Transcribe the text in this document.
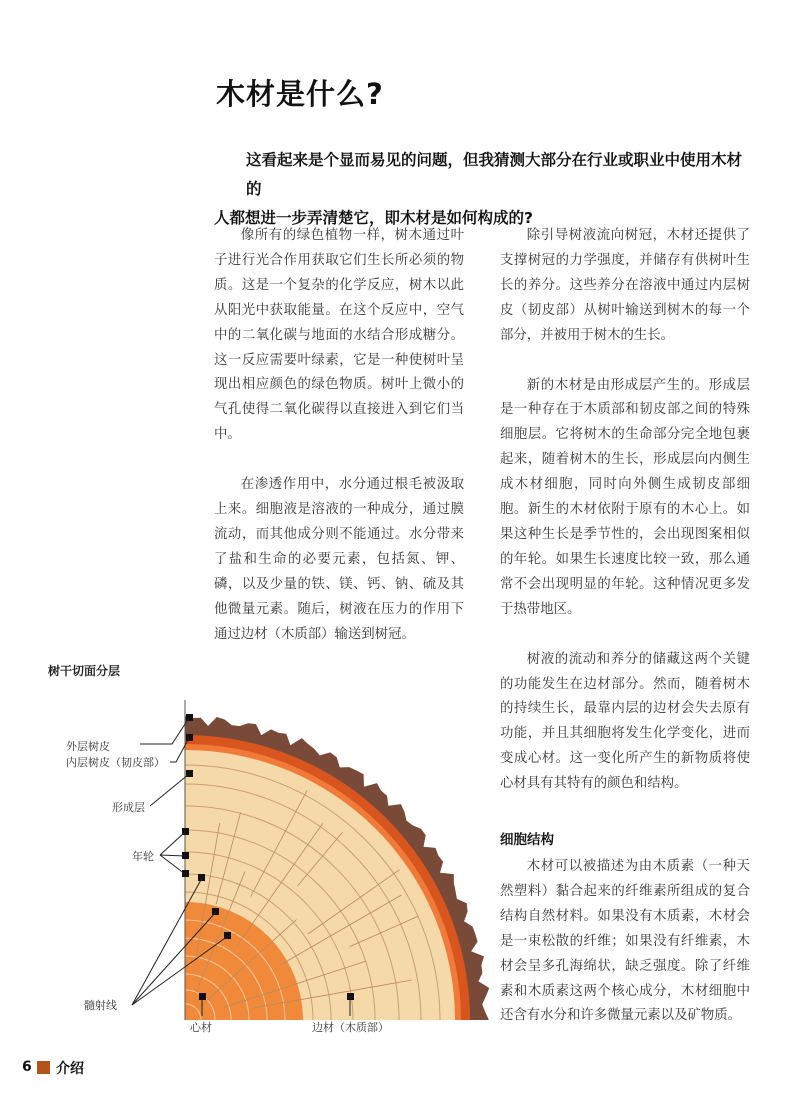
木材是什么?
这看起来是个显而易见的问题，但我猜测大部分在行业或职业中使用木材的
人都想进一步弄清楚它，即木材是如何构成的?

像所有的绿色植物一样，树木通过叶子进行光合作用获取它们生长所必须的物质。这是一个复杂的化学反应，树木以此从阳光中获取能量。在这个反应中，空气中的二氧化碳与地面的水结合形成糖分。这一反应需要叶绿素，它是一种使树叶呈现出相应颜色的绿色物质。树叶上微小的气孔使得二氧化碳得以直接进入到它们当中。

在渗透作用中，水分通过根毛被汲取上来。细胞液是溶液的一种成分，通过膜流动，而其他成分则不能通过。水分带来了盐和生命的必要元素，包括氮、钾、磷，以及少量的铁、镁、钙、钠、硫及其他微量元素。随后，树液在压力的作用下通过边材（木质部）输送到树冠。

除引导树液流向树冠，木材还提供了支撑树冠的力学强度，并储存有供树叶生长的养分。这些养分在溶液中通过内层树皮（韧皮部）从树叶输送到树木的每一个部分，并被用于树木的生长。

新的木材是由形成层产生的。形成层是一种存在于木质部和韧皮部之间的特殊细胞层。它将树木的生命部分完全地包裹起来，随着树木的生长，形成层向内侧生成木材细胞，同时向外侧生成韧皮部细胞。新生的木材依附于原有的木心上。如果这种生长是季节性的，会出现图案相似的年轮。如果生长速度比较一致，那么通常不会出现明显的年轮。这种情况更多发于热带地区。

树液的流动和养分的储藏这两个关键的功能发生在边材部分。然而，随着树木的持续生长，最靠内层的边材会失去原有功能，并且其细胞将发生化学变化，进而变成心材。这一变化所产生的新物质将使心材具有其特有的颜色和结构。

细胞结构

木材可以被描述为由木质素（一种天然塑料）黏合起来的纤维素所组成的复合结构自然材料。如果没有木质素，木材会是一束松散的纤维；如果没有纤维素，木材会呈多孔海绵状，缺乏强度。除了纤维素和木质素这两个核心成分，木材细胞中还含有水分和许多微量元素以及矿物质。

树干切面分层
外层树皮
内层树皮（韧皮部）
形成层
年轮
髓射线
心材	边材（木质部）
6 介绍
